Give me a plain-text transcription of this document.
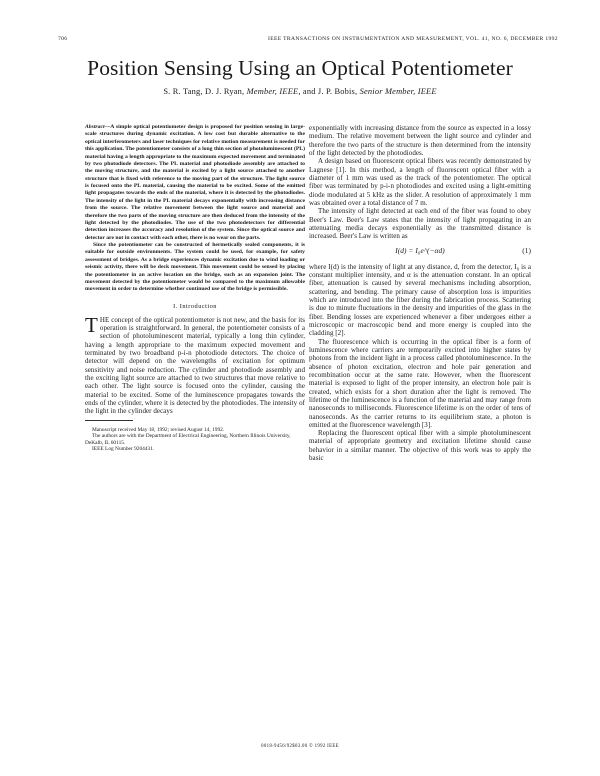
706	IEEE TRANSACTIONS ON INSTRUMENTATION AND MEASUREMENT, VOL. 41, NO. 6, DECEMBER 1992
Position Sensing Using an Optical Potentiometer
S. R. Tang, D. J. Ryan, Member, IEEE, and J. P. Bobis, Senior Member, IEEE

Abstract—A simple optical potentiometer design is proposed for position sensing in large-scale structures during dynamic excitation. A low cost but durable alternative to the optical interferometers and laser techniques for relative motion measurement is needed for this application. The potentiometer consists of a long thin section of photoluminescent (PL) material having a length appropriate to the maximum expected movement and terminated by two photodiode detectors. The PL material and photodiode assembly are attached to the moving structure, and the material is excited by a light source attached to another structure that is fixed with reference to the moving part of the structure. The light source is focused onto the PL material, causing the material to be excited. Some of the emitted light propagates towards the ends of the material, where it is detected by the photodiodes. The intensity of the light in the PL material decays exponentially with increasing distance from the source. The relative movement between the light source and material and therefore the two parts of the moving structure are then deduced from the intensity of the light detected by the photodiodes. The use of the two photodetectors for differential detection increases the accuracy and resolution of the system. Since the optical source and detector are not in contact with each other, there is no wear on the parts.

Since the potentiometer can be constructed of hermetically sealed components, it is suitable for outside environments. The system could be used, for example, for safety assessment of bridges. As a bridge experiences dynamic excitation due to wind loading or seismic activity, there will be deck movement. This movement could be sensed by placing the potentiometer in an active location on the bridge, such as an expansion joint. The movement detected by the potentiometer would be compared to the maximum allowable movement in order to determine whether continued use of the bridge is permissible.

I. Introduction

THE concept of the optical potentiometer is not new, and the basis for its operation is straightforward. In general, the potentiometer consists of a section of photoluminescent material, typically a long thin cylinder, having a length appropriate to the maximum expected movement and terminated by two broadband p-i-n photodiode detectors. The choice of detector will depend on the wavelengths of excitation for optimum sensitivity and noise reduction. The cylinder and photodiode assembly and the exciting light source are attached to two structures that move relative to each other. The light source is focused onto the cylinder, causing the material to be excited. Some of the luminescence propagates towards the ends of the cylinder, where it is detected by the photodiodes. The intensity of the light in the cylinder decays

Manuscript received May 18, 1992; revised August 14, 1992.
The authors are with the Department of Electrical Engineering, Northern Illinois University, DeKalb, IL 60115.
IEEE Log Number 9204431.

exponentially with increasing distance from the source as expected in a lossy medium. The relative movement between the light source and cylinder and therefore the two parts of the structure is then determined from the intensity of the light detected by the photodiodes.

A design based on fluorescent optical fibers was recently demonstrated by Lagnese [1]. In this method, a length of fluorescent optical fiber with a diameter of 1 mm was used as the track of the potentiometer. The optical fiber was terminated by p-i-n photodiodes and excited using a light-emitting diode modulated at 5 kHz as the slider. A resolution of approximately 1 mm was obtained over a total distance of 7 m.

The intensity of light detected at each end of the fiber was found to obey Beer's Law. Beer's Law states that the intensity of light propagating in an attenuating media decays exponentially as the transmitted distance is increased. Beer's Law is written as

I(d) = I₀e^(−αd)	(1)

where I(d) is the intensity of light at any distance, d, from the detector, I₀ is a constant multiplier intensity, and α is the attenuation constant. In an optical fiber, attenuation is caused by several mechanisms including absorption, scattering, and bending. The primary cause of absorption loss is impurities which are introduced into the fiber during the fabrication process. Scattering is due to minute fluctuations in the density and impurities of the glass in the fiber. Bending losses are experienced whenever a fiber undergoes either a microscopic or macroscopic bend and more energy is coupled into the cladding [2].

The fluorescence which is occurring in the optical fiber is a form of luminescence where carriers are temporarily excited into higher states by photons from the incident light in a process called photoluminescence. In the absence of photon excitation, electron and hole pair generation and recombination occur at the same rate. However, when the fluorescent material is exposed to light of the proper intensity, an electron hole pair is created, which exists for a short duration after the light is removed. The lifetime of the luminescence is a function of the material and may range from nanoseconds to milliseconds. Fluorescence lifetime is on the order of tens of nanoseconds. As the carrier returns to its equilibrium state, a photon is emitted at the fluorescence wavelength [3].

Replacing the fluorescent optical fiber with a simple photoluminescent material of appropriate geometry and excitation lifetime should cause behavior in a similar manner. The objective of this work was to apply the basic

0018-9456/92$03.00 © 1992 IEEE
